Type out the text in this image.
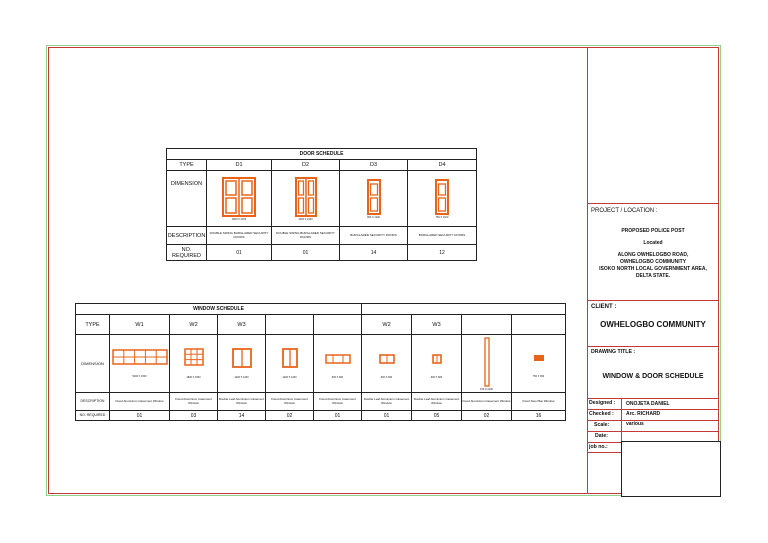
DOOR SCHEDULE				
TYPE	D1	D2	D3	D4
DIMENSION	1800 X 2100	1200 X 2100	900 X 2100	750 X 2100

DESCRIPTION	DOUBLE SWING BURGLARED SECURITY DOORS	DOUBLE SWING BURGLARED SECURITY DOORS	BURGLARED SECURITY DOORS	BURGLARED SECURITY DOORS
NO. REQUIRED	01	01	14	12
WINDOW SCHEDULE									
TYPE	W1	W2	W3			W2	W3		
DIMENSION	5400 X 1500	1800 X 1500	1200 X 1200	1200 X 1200	600 X 600	600 X 600	600 X 600	150 X 2100	750 X 450

DESCRIPTION	Fixed Aluminium Casement Window	Fixed Aluminium Casement Window	Double Leaf Aluminium Casement Window	Fixed Aluminium Casement Window	Fixed Aluminium Casement Window	Double Leaf Aluminium Casement Window	Double Leaf Aluminium Casement Window	Fixed Aluminium Casement Window	Fixed Steel Bar Window
NO. REQUIRED	01	03	14	02	01	01	05	02	16
PROJECT / LOCATION :
PROPOSED POLICE POST
Located
ALONG OWHELOGBO ROAD,
OWHELOGBO COMMUNITY
ISOKO NORTH LOCAL GOVERNMENT AREA,
DELTA STATE.
CLIENT :
OWHELOGBO COMMUNITY
DRAWING TITLE :
WINDOW & DOOR SCHEDULE
Designed : ONOJETA DANIEL
Checked : Arc. RICHARD
Scale:	various
Date:
job no.:
